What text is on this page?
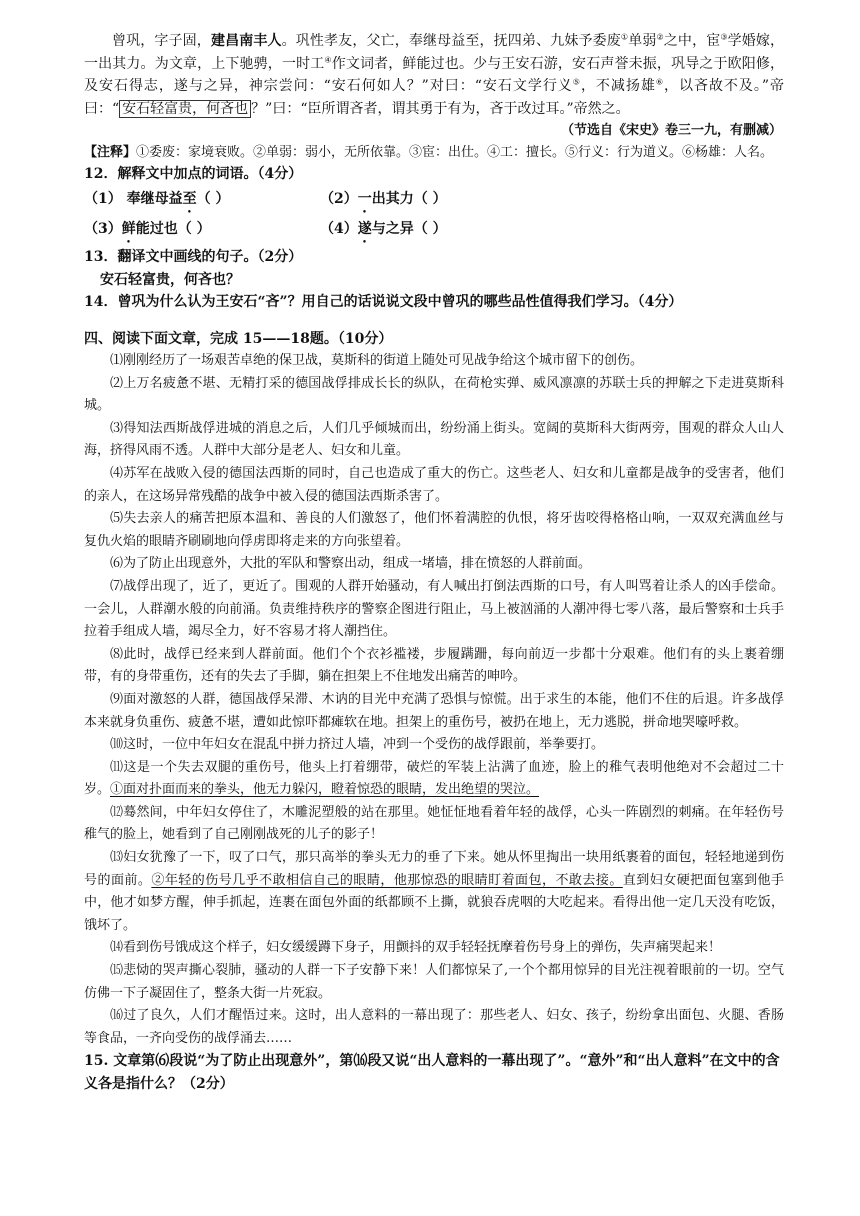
曾巩，字子固，建昌南丰人。巩性孝友，父亡，奉继母益至，抚四弟、九妹予委废①单弱②之中，宦③学婚嫁，一出其力。为文章，上下驰骋，一时工④作文词者，鲜能过也。少与王安石游，安石声誉未振，巩导之于欧阳修，及安石得志，遂与之异，神宗尝问：“安石何如人？”对曰：“安石文学行义⑤，不减扬雄⑥，以吝故不及。”帝曰：“ 安石轻富贵，何吝也 ？”曰：“臣所谓吝者，谓其勇于有为，吝于改过耳。”帝然之。

（节选自《宋史》卷三一九，有删减）

【注释】①委废：家境衰败。②单弱：弱小，无所依靠。③宦：出仕。④工：擅长。⑤行义：行为道义。⑥杨雄：人名。

12．解释文中加点的词语。（4分）

（1） 奉继母益至（ ）	（2）一出其力（ ）
（3）鲜能过也（ ）	（4）遂与之异（ ）

13．翻译文中画线的句子。（2分）

安石轻富贵，何吝也？

14．曾巩为什么认为王安石“吝”？用自己的话说说文段中曾巩的哪些品性值得我们学习。（4分）

四、阅读下面文章，完成 15——18题。（10分）

⑴刚刚经历了一场艰苦卓绝的保卫战，莫斯科的街道上随处可见战争给这个城市留下的创伤。

⑵上万名疲惫不堪、无精打采的德国战俘排成长长的纵队，在荷枪实弹、威风凛凛的苏联士兵的押解之下走进莫斯科城。

⑶得知法西斯战俘进城的消息之后，人们几乎倾城而出，纷纷涌上街头。宽阔的莫斯科大街两旁，围观的群众人山人海，挤得风雨不透。人群中大部分是老人、妇女和儿童。

⑷苏军在战败入侵的德国法西斯的同时，自己也造成了重大的伤亡。这些老人、妇女和儿童都是战争的受害者，他们的亲人，在这场异常残酷的战争中被入侵的德国法西斯杀害了。

⑸失去亲人的痛苦把原本温和、善良的人们激怒了，他们怀着满腔的仇恨，将牙齿咬得格格山响，一双双充满血丝与复仇火焰的眼睛齐刷刷地向俘虏即将走来的方向张望着。

⑹为了防止出现意外，大批的军队和警察出动，组成一堵墙，排在愤怒的人群前面。

⑺战俘出现了，近了，更近了。围观的人群开始骚动，有人喊出打倒法西斯的口号，有人叫骂着让杀人的凶手偿命。一会儿，人群潮水般的向前涌。负责维持秩序的警察企图进行阻止，马上被汹涌的人潮冲得七零八落，最后警察和士兵手拉着手组成人墙，竭尽全力，好不容易才将人潮挡住。

⑻此时，战俘已经来到人群前面。他们个个衣衫褴褛，步履蹒跚，每向前迈一步都十分艰难。他们有的头上裹着绷带，有的身带重伤，还有的失去了手脚，躺在担架上不住地发出痛苦的呻吟。

⑼面对激怒的人群，德国战俘呆滞、木讷的目光中充满了恐惧与惊慌。出于求生的本能，他们不住的后退。许多战俘本来就身负重伤、疲惫不堪，遭如此惊吓都瘫软在地。担架上的重伤号，被扔在地上，无力逃脱，拼命地哭嚎呼救。

⑽这时，一位中年妇女在混乱中拼力挤过人墙，冲到一个受伤的战俘跟前，举拳要打。

⑾这是一个失去双腿的重伤号，他头上打着绷带，破烂的军装上沾满了血迹，脸上的稚气表明他绝对不会超过二十岁。①面对扑面而来的拳头，他无力躲闪，瞪着惊恐的眼睛，发出绝望的哭泣。

⑿蓦然间，中年妇女停住了，木雕泥塑般的站在那里。她怔怔地看着年轻的战俘，心头一阵剧烈的刺痛。在年轻伤号稚气的脸上，她看到了自己刚刚战死的儿子的影子！

⒀妇女犹豫了一下，叹了口气，那只高举的拳头无力的垂了下来。她从怀里掏出一块用纸裹着的面包，轻轻地递到伤号的面前。②年轻的伤号几乎不敢相信自己的眼睛，他那惊恐的眼睛盯着面包，不敢去接。直到妇女硬把面包塞到他手中，他才如梦方醒，伸手抓起，连裹在面包外面的纸都顾不上撕，就狼吞虎咽的大吃起来。看得出他一定几天没有吃饭，饿坏了。

⒁看到伤号饿成这个样子，妇女缓缓蹲下身子，用颤抖的双手轻轻抚摩着伤号身上的弹伤，失声痛哭起来！

⒂悲恸的哭声撕心裂肺，骚动的人群一下子安静下来！人们都惊呆了,一个个都用惊异的目光注视着眼前的一切。空气仿佛一下子凝固住了，整条大街一片死寂。

⒃过了良久，人们才醒悟过来。这时，出人意料的一幕出现了：那些老人、妇女、孩子，纷纷拿出面包、火腿、香肠等食品，一齐向受伤的战俘涌去……

15. 文章第⑹段说“为了防止出现意外”，第⒃段又说“出人意料的一幕出现了”。“意外”和“出人意料”在文中的含义各是指什么？（2分）
